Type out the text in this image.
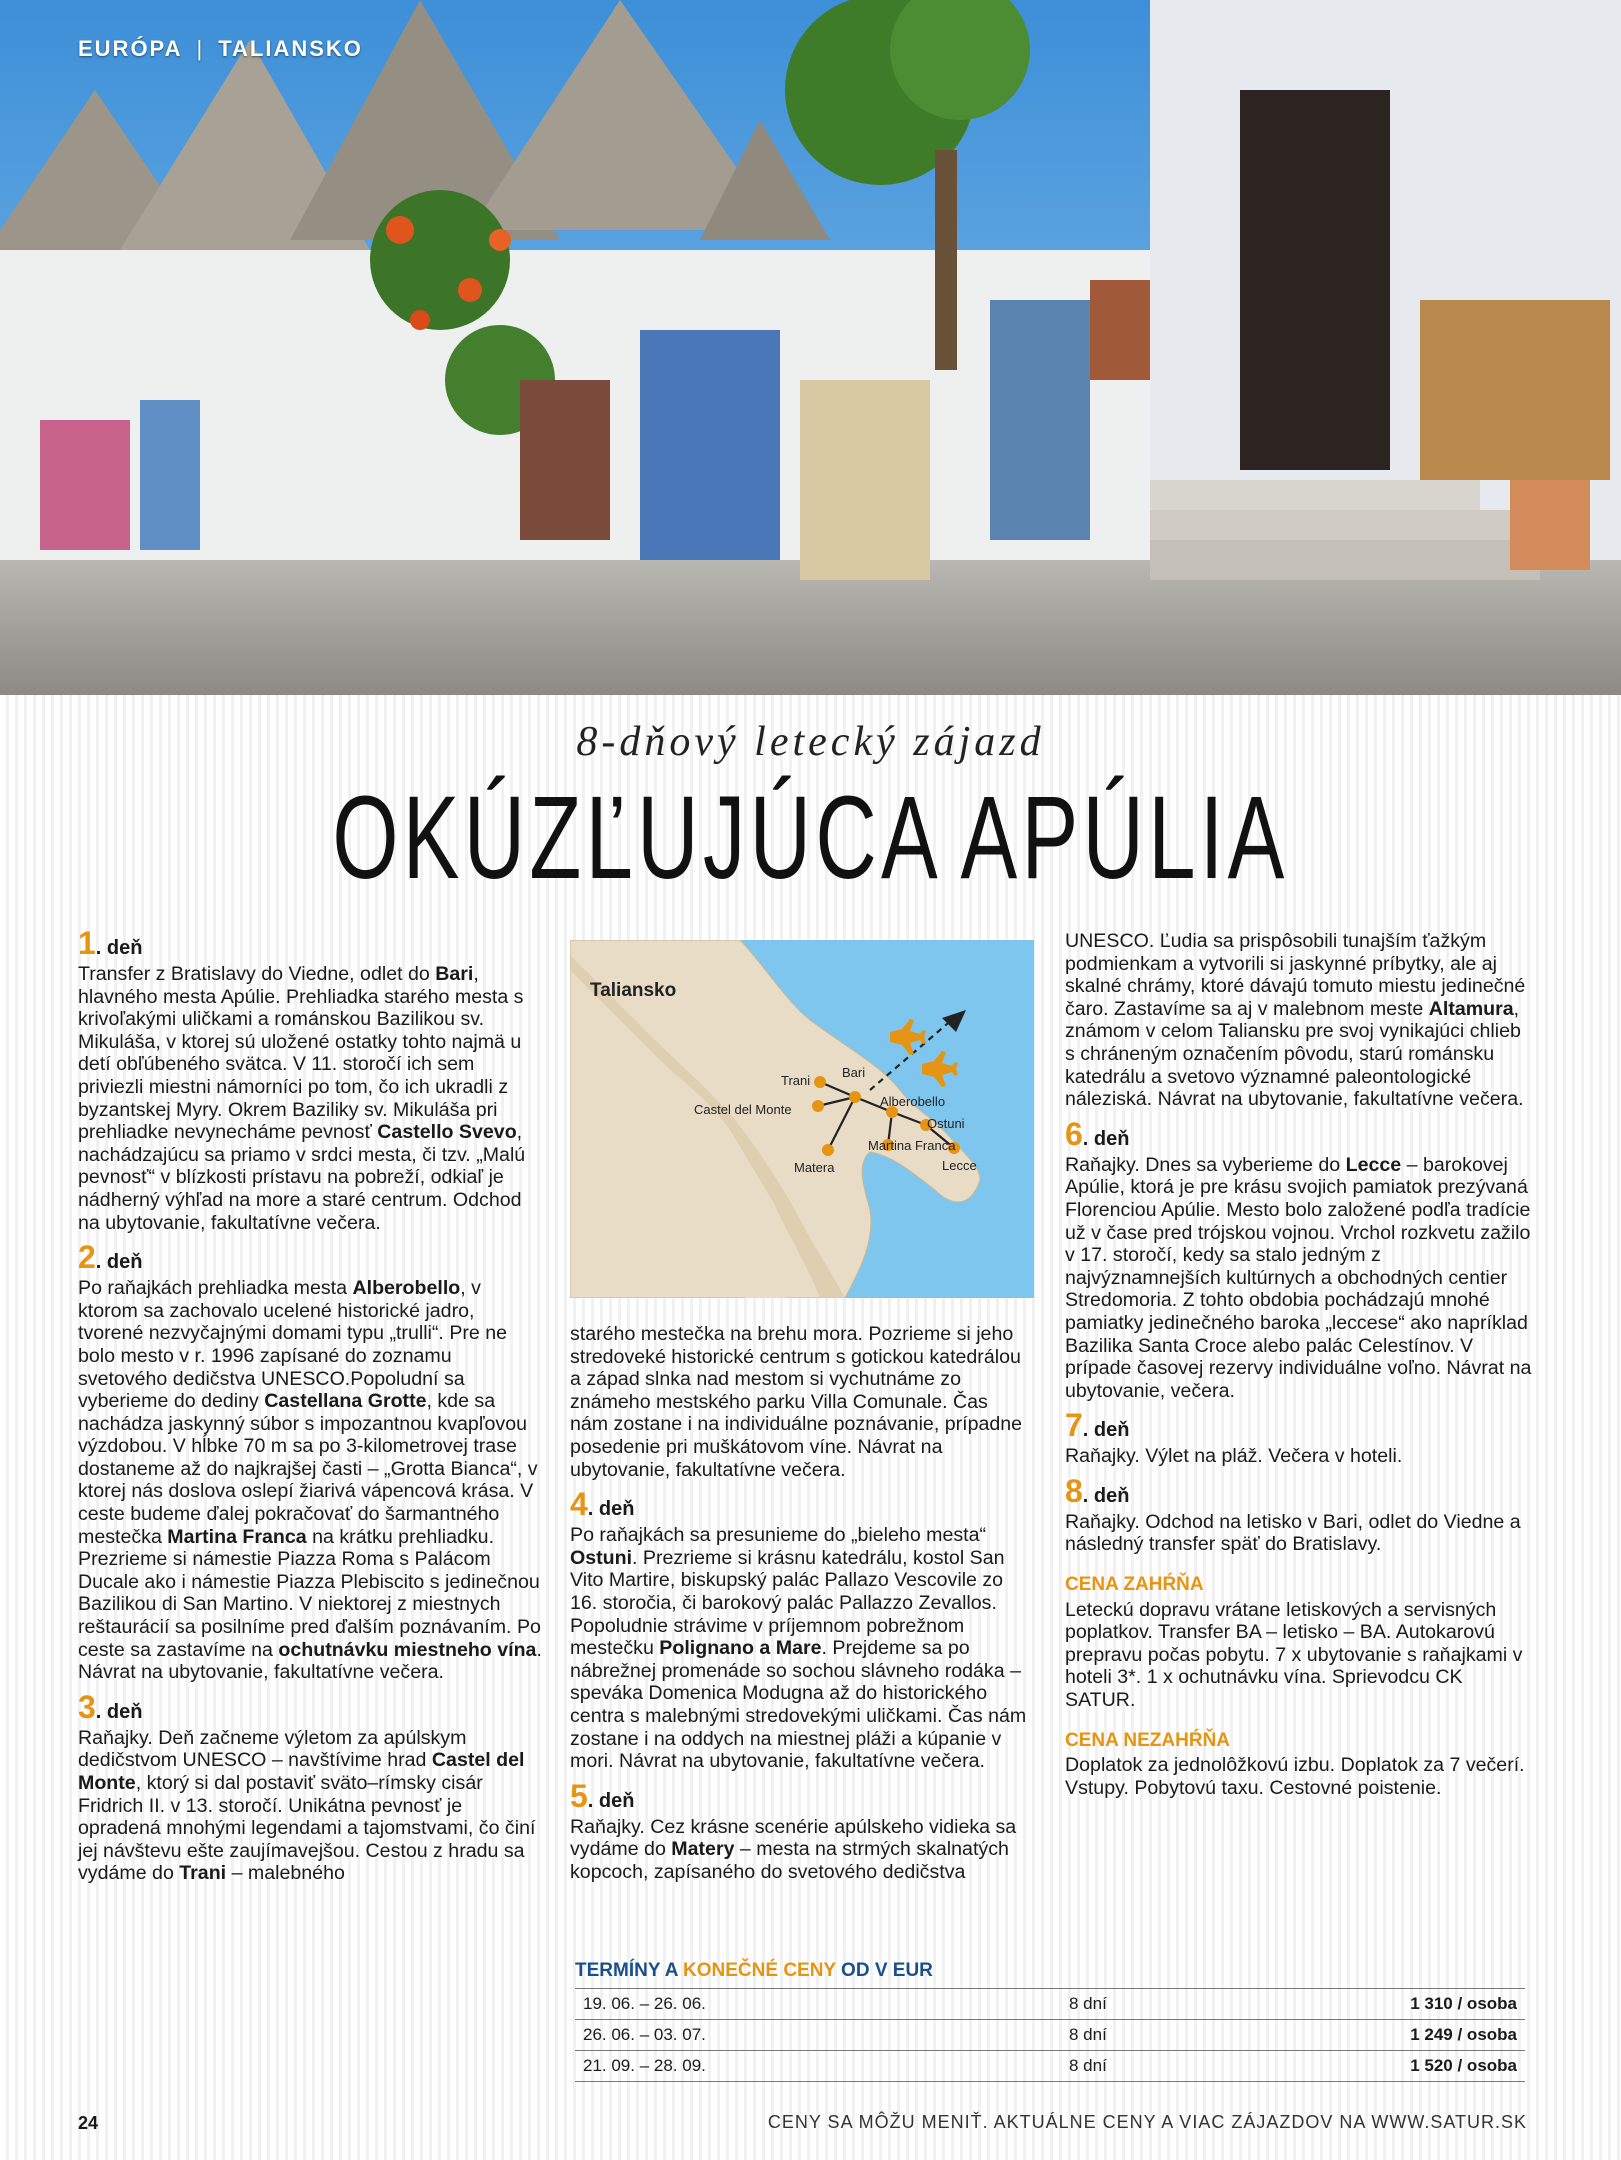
EURÓPA | TALIANSKO
8-dňový letecký zájazd
OKÚZĽUJÚCA APÚLIA
1. deň

Transfer z Bratislavy do Viedne, odlet do Bari, hlavného mesta Apúlie. Prehliadka starého mesta s krivoľakými uličkami a románskou Bazilikou sv. Mikuláša, v ktorej sú uložené ostatky tohto najmä u detí obľúbeného svätca. V 11. storočí ich sem priviezli miestni námorníci po tom, čo ich ukradli z byzantskej Myry. Okrem Baziliky sv. Mikuláša pri prehliadke nevynecháme pevnosť Castello Svevo, nachádzajúcu sa priamo v srdci mesta, či tzv. „Malú pevnosť“ v blízkosti prístavu na pobreží, odkiaľ je nádherný výhľad na more a staré centrum. Odchod na ubytovanie, fakultatívne večera.

2. deň

Po raňajkách prehliadka mesta Alberobello, v ktorom sa zachovalo ucelené historické jadro, tvorené nezvyčajnými domami typu „trulli“. Pre ne bolo mesto v r. 1996 zapísané do zoznamu svetového dedičstva UNESCO.Popoludní sa vyberieme do dediny Castellana Grotte, kde sa nachádza jaskynný súbor s impozantnou kvapľovou výzdobou. V hĺbke 70 m sa po 3-kilometrovej trase dostaneme až do najkrajšej časti – „Grotta Bianca“, v ktorej nás doslova oslepí žiarivá vápencová krása. V ceste budeme ďalej pokračovať do šarmantného mestečka Martina Franca na krátku prehliadku. Prezrieme si námestie Piazza Roma s Palácom Ducale ako i námestie Piazza Plebiscito s jedinečnou Bazilikou di San Martino. V niektorej z miestnych reštaurácií sa posilníme pred ďalším poznávaním. Po ceste sa zastavíme na ochutnávku miestneho vína. Návrat na ubytovanie, fakultatívne večera.

3. deň

Raňajky. Deň začneme výletom za apúlskym dedičstvom UNESCO – navštívime hrad Castel del Monte, ktorý si dal postaviť sväto–rímsky cisár Fridrich II. v 13. storočí. Unikátna pevnosť je opradená mnohými legendami a tajomstvami, čo činí jej návštevu ešte zaujímavejšou. Cestou z hradu sa vydáme do Trani – malebného

Taliansko
Trani
Bari
Castel del Monte
Alberobello
Ostuni
Martina Franca
Matera	Lecce

starého mestečka na brehu mora. Pozrieme si jeho stredoveké historické centrum s gotickou katedrálou a západ slnka nad mestom si vychutnáme zo známeho mestského parku Villa Comunale. Čas nám zostane i na individuálne poznávanie, prípadne posedenie pri muškátovom víne. Návrat na ubytovanie, fakultatívne večera.

4. deň

Po raňajkách sa presunieme do „bieleho mesta“ Ostuni. Prezrieme si krásnu katedrálu, kostol San Vito Martire, biskupský palác Pallazo Vescovile zo 16. storočia, či barokový palác Pallazzo Zevallos. Popoludnie strávime v príjemnom pobrežnom mestečku Polignano a Mare. Prejdeme sa po nábrežnej promenáde so sochou slávneho rodáka – speváka Domenica Modugna až do historického centra s malebnými stredovekými uličkami. Čas nám zostane i na oddych na miestnej pláži a kúpanie v mori. Návrat na ubytovanie, fakultatívne večera.

5. deň

Raňajky. Cez krásne scenérie apúlskeho vidieka sa vydáme do Matery – mesta na strmých skalnatých kopcoch, zapísaného do svetového dedičstva

UNESCO. Ľudia sa prispôsobili tunajším ťažkým podmienkam a vytvorili si jaskynné príbytky, ale aj skalné chrámy, ktoré dávajú tomuto miestu jedinečné čaro. Zastavíme sa aj v malebnom meste Altamura, známom v celom Taliansku pre svoj vynikajúci chlieb s chráneným označením pôvodu, starú románsku katedrálu a svetovo významné paleontologické náleziská. Návrat na ubytovanie, fakultatívne večera.

6. deň

Raňajky. Dnes sa vyberieme do Lecce – barokovej Apúlie, ktorá je pre krásu svojich pamiatok prezývaná Florenciou Apúlie. Mesto bolo založené podľa tradície už v čase pred trójskou vojnou. Vrchol rozkvetu zažilo v 17. storočí, kedy sa stalo jedným z najvýznamnejších kultúrnych a obchodných centier Stredomoria. Z tohto obdobia pochádzajú mnohé pamiatky jedinečného baroka „leccese“ ako napríklad Bazilika Santa Croce alebo palác Celestínov. V prípade časovej rezervy individuálne voľno. Návrat na ubytovanie, večera.

7. deň

Raňajky. Výlet na pláž. Večera v hoteli.

8. deň

Raňajky. Odchod na letisko v Bari, odlet do Viedne a následný transfer späť do Bratislavy.

CENA ZAHŔŇA

Leteckú dopravu vrátane letiskových a servisných poplatkov. Transfer BA – letisko – BA. Autokarovú prepravu počas pobytu. 7 x ubytovanie s raňajkami v hoteli 3*. 1 x ochutnávku vína. Sprievodcu CK SATUR.

CENA NEZAHŔŇA

Doplatok za jednolôžkovú izbu. Doplatok za 7 večerí. Vstupy. Pobytovú taxu. Cestovné poistenie.

TERMÍNY A KONEČNÉ CENY OD V EUR
19. 06. – 26. 06.	8 dní	1 310 / osoba
26. 06. – 03. 07.	8 dní	1 249 / osoba
21. 09. – 28. 09.	8 dní	1 520 / osoba
24	CENY SA MÔŽU MENIŤ. AKTUÁLNE CENY A VIAC ZÁJAZDOV NA WWW.SATUR.SK
